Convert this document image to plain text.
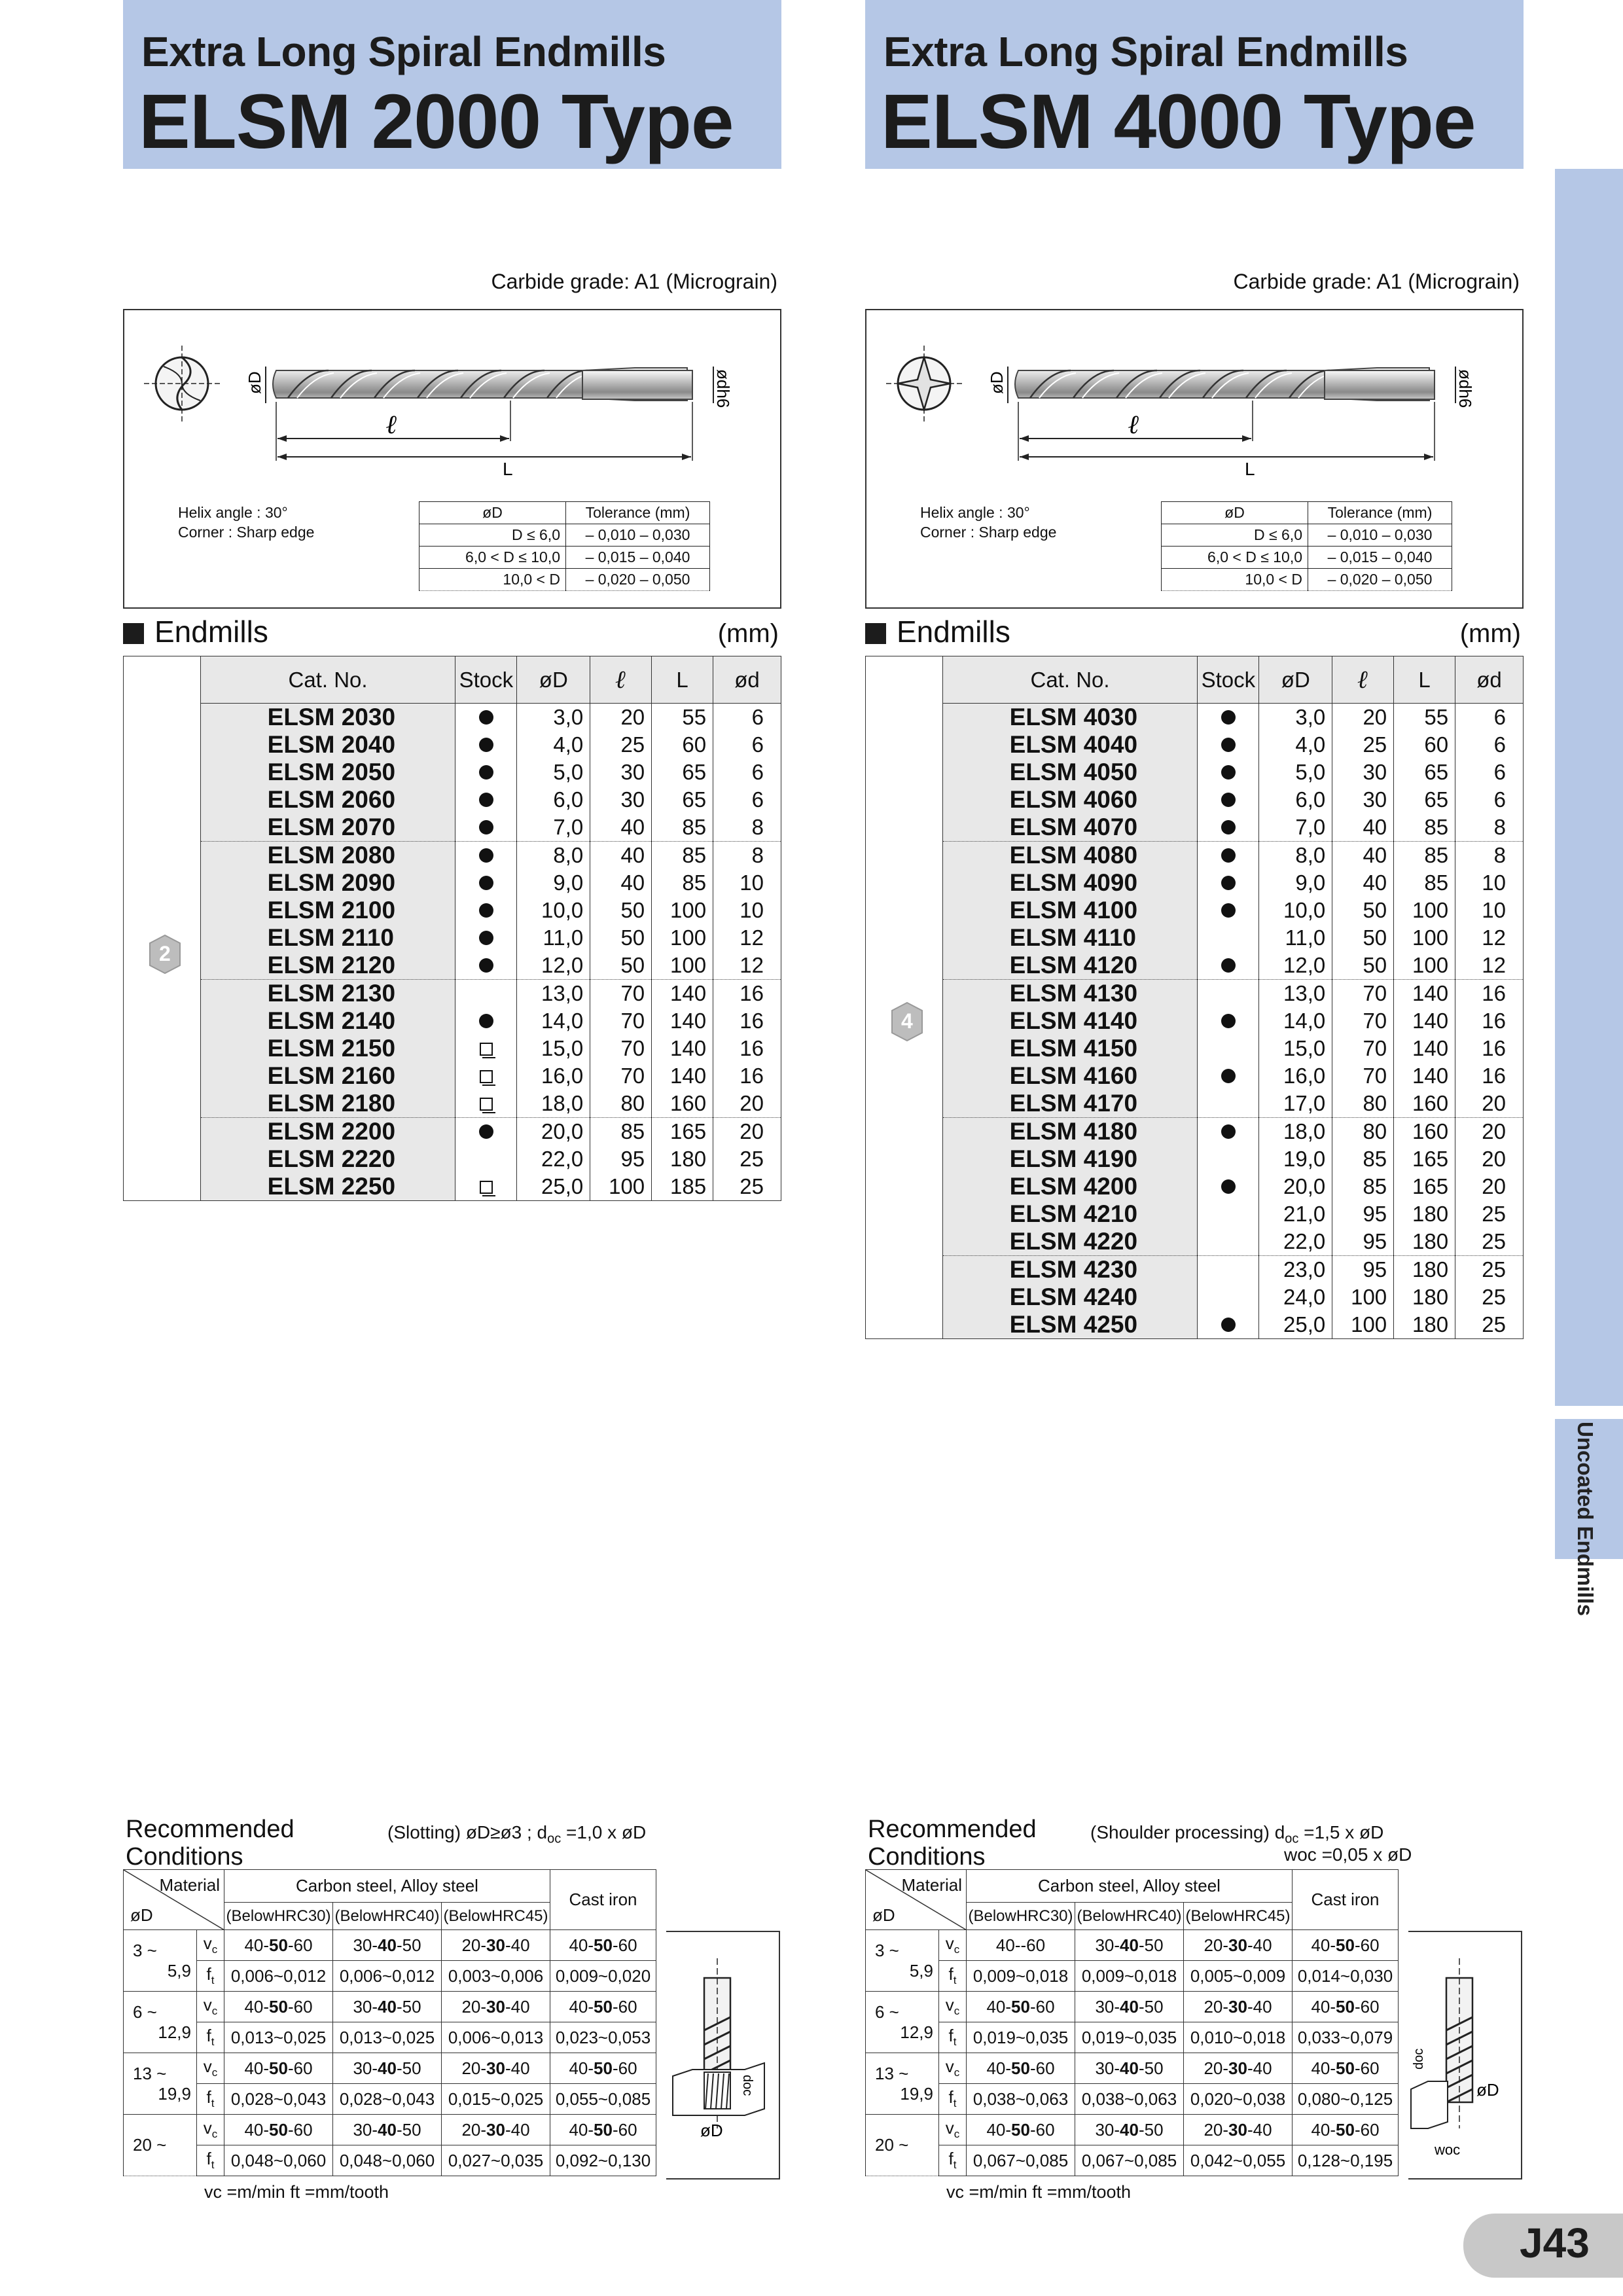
Uncoated Endmills
J43
Extra Long Spiral Endmills
ELSM 2000 Type
Carbide grade: A1 (Micrograin)
øD	ødh6
ℓ
L
Helix angle : 30°
Corner : Sharp edge
øD	Tolerance (mm)
D ≤ 6,0	– 0,010 – 0,030
6,0 < D ≤ 10,0	– 0,015 – 0,040
10,0 < D	– 0,020 – 0,050
Endmills	(mm)
	Cat. No.	Stock	øD	ℓ	L	ød

2	ELSM 2030		3,0	20	55	6
	ELSM 2040		4,0	25	60	6
	ELSM 2050		5,0	30	65	6
	ELSM 2060		6,0	30	65	6
	ELSM 2070		7,0	40	85	8
	ELSM 2080		8,0	40	85	8
	ELSM 2090		9,0	40	85	10
	ELSM 2100		10,0	50	100	10
	ELSM 2110		11,0	50	100	12
	ELSM 2120		12,0	50	100	12
	ELSM 2130		13,0	70	140	16
	ELSM 2140		14,0	70	140	16
	ELSM 2150		15,0	70	140	16
	ELSM 2160		16,0	70	140	16
	ELSM 2180		18,0	80	160	20
	ELSM 2200		20,0	85	165	20
	ELSM 2220		22,0	95	180	25
	ELSM 2250		25,0	100	185	25
Recommended Conditions
(Slotting) øD≥ø3 ; $d_{oc} =1,0$ x øD
Material
øD		Carbon steel, Alloy steel			Cast iron
		(BelowHRC30)	(BelowHRC40)	(BelowHRC45)	

3 ~
5,9	$v_c$	40-50-60	30-40-50	20-30-40	40-50-60
	$f_t$	0,006~0,012	0,006~0,012	0,003~0,006	0,009~0,020

6 ~
12,9	$v_c$	40-50-60	30-40-50	20-30-40	40-50-60
	$f_t$	0,013~0,025	0,013~0,025	0,006~0,013	0,023~0,053

13 ~
19,9	$v_c$	40-50-60	30-40-50	20-30-40	40-50-60
	$f_t$	0,028~0,043	0,028~0,043	0,015~0,025	0,055~0,085

20 ~	$v_c$	40-50-60	30-40-50	20-30-40	40-50-60
	$f_t$	0,048~0,060	0,048~0,060	0,027~0,035	0,092~0,130
vc =m/min ft =mm/tooth
øD
doc
Extra Long Spiral Endmills
ELSM 4000 Type
Carbide grade: A1 (Micrograin)
øD	ødh6
ℓ
L
Helix angle : 30°
Corner : Sharp edge
øD	Tolerance (mm)
D ≤ 6,0	– 0,010 – 0,030
6,0 < D ≤ 10,0	– 0,015 – 0,040
10,0 < D	– 0,020 – 0,050
Endmills	(mm)
	Cat. No.	Stock	øD	ℓ	L	ød

4	ELSM 4030		3,0	20	55	6
	ELSM 4040		4,0	25	60	6
	ELSM 4050		5,0	30	65	6
	ELSM 4060		6,0	30	65	6
	ELSM 4070		7,0	40	85	8
	ELSM 4080		8,0	40	85	8
	ELSM 4090		9,0	40	85	10
	ELSM 4100		10,0	50	100	10
	ELSM 4110		11,0	50	100	12
	ELSM 4120		12,0	50	100	12
	ELSM 4130		13,0	70	140	16
	ELSM 4140		14,0	70	140	16
	ELSM 4150		15,0	70	140	16
	ELSM 4160		16,0	70	140	16
	ELSM 4170		17,0	80	160	20
	ELSM 4180		18,0	80	160	20
	ELSM 4190		19,0	85	165	20
	ELSM 4200		20,0	85	165	20
	ELSM 4210		21,0	95	180	25
	ELSM 4220		22,0	95	180	25
	ELSM 4230		23,0	95	180	25
	ELSM 4240		24,0	100	180	25
	ELSM 4250		25,0	100	180	25
Recommended Conditions
(Shoulder processing) $d_{oc} =1,5$ x øD
woc =0,05 x øD
Material
øD		Carbon steel, Alloy steel			Cast iron
		(BelowHRC30)	(BelowHRC40)	(BelowHRC45)	

3 ~
5,9	$v_c$	40--60	30-40-50	20-30-40	40-50-60
	$f_t$	0,009~0,018	0,009~0,018	0,005~0,009	0,014~0,030

6 ~
12,9	$v_c$	40-50-60	30-40-50	20-30-40	40-50-60
	$f_t$	0,019~0,035	0,019~0,035	0,010~0,018	0,033~0,079

13 ~
19,9	$v_c$	40-50-60	30-40-50	20-30-40	40-50-60
	$f_t$	0,038~0,063	0,038~0,063	0,020~0,038	0,080~0,125

20 ~	$v_c$	40-50-60	30-40-50	20-30-40	40-50-60
	$f_t$	0,067~0,085	0,067~0,085	0,042~0,055	0,128~0,195
vc =m/min ft =mm/tooth
doc
øD
woc
